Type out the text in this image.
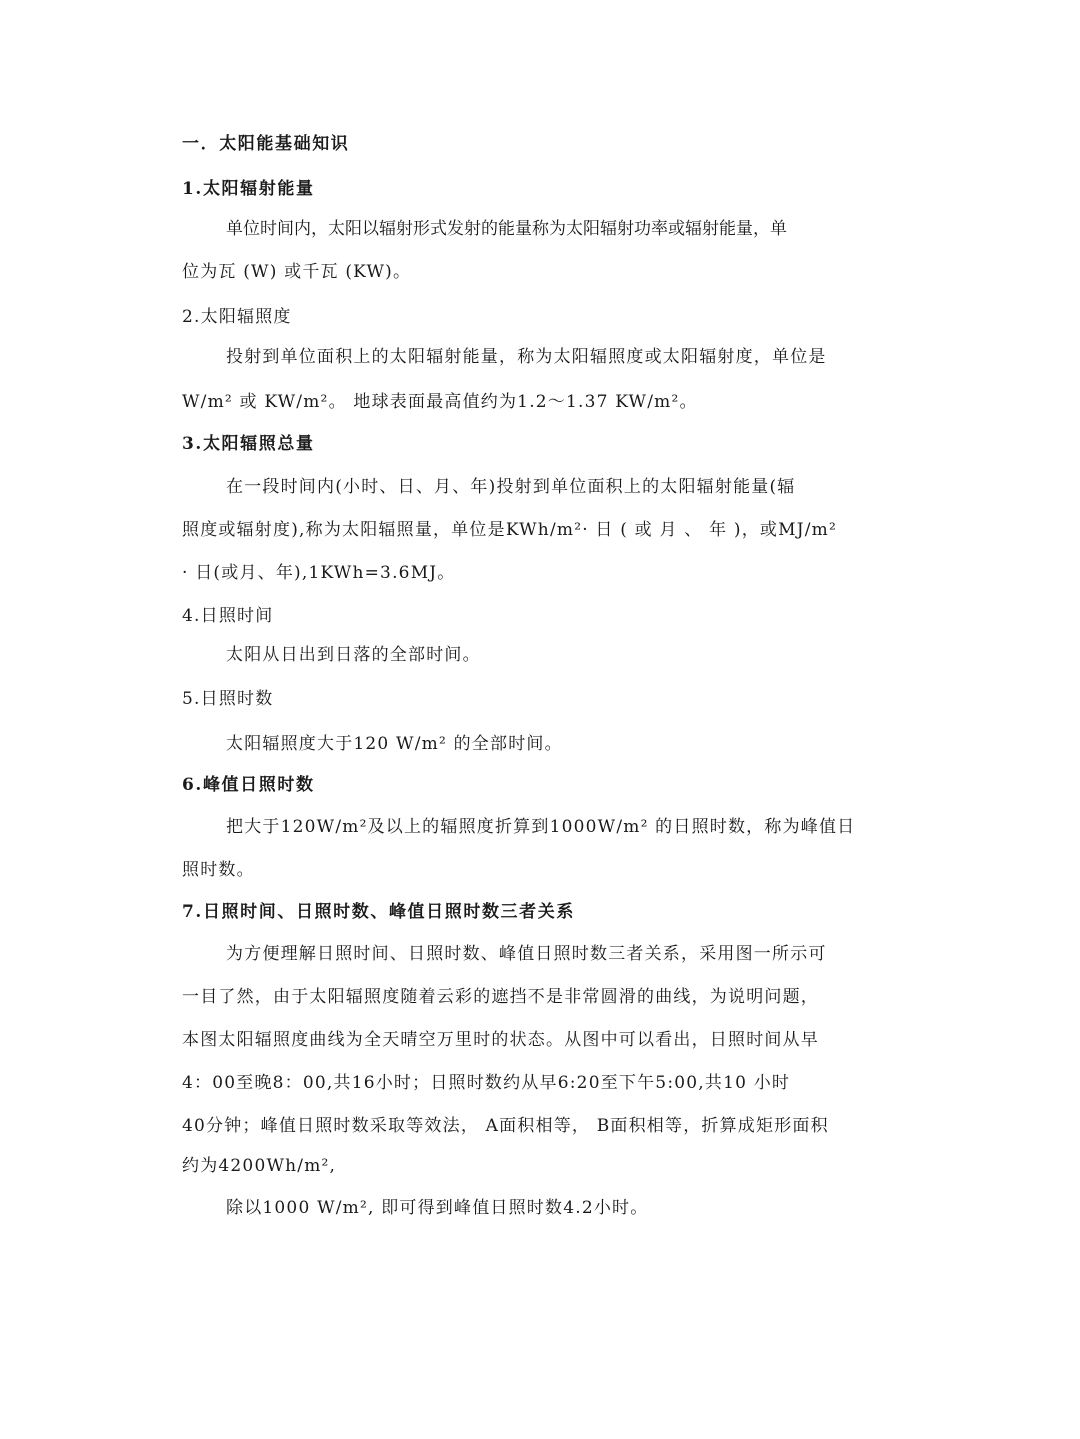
一．太阳能基础知识
1.太阳辐射能量
单位时间内，太阳以辐射形式发射的能量称为太阳辐射功率或辐射能量，单
位为瓦 (W) 或千瓦 (KW)。
2.太阳辐照度
投射到单位面积上的太阳辐射能量，称为太阳辐照度或太阳辐射度，单位是
W/m² 或 KW/m²。 地球表面最高值约为1.2～1.37 KW/m²。
3.太阳辐照总量
在一段时间内(小时、日、月、年)投射到单位面积上的太阳辐射能量(辐
照度或辐射度),称为太阳辐照量，单位是KWh/m²· 日 ( 或 月 、 年 )，或MJ/m²
· 日(或月、年),1KWh=3.6MJ。
4.日照时间
太阳从日出到日落的全部时间。
5.日照时数
太阳辐照度大于120 W/m² 的全部时间。
6.峰值日照时数
把大于120W/m²及以上的辐照度折算到1000W/m² 的日照时数，称为峰值日
照时数。
7.日照时间、日照时数、峰值日照时数三者关系
为方便理解日照时间、日照时数、峰值日照时数三者关系，采用图一所示可
一目了然，由于太阳辐照度随着云彩的遮挡不是非常圆滑的曲线，为说明问题，
本图太阳辐照度曲线为全天晴空万里时的状态。从图中可以看出，日照时间从早
4：00至晚8：00,共16小时；日照时数约从早6:20至下午5:00,共10 小时
40分钟；峰值日照时数采取等效法， A面积相等， B面积相等，折算成矩形面积
约为4200Wh/m²,
除以1000 W/m², 即可得到峰值日照时数4.2小时。
